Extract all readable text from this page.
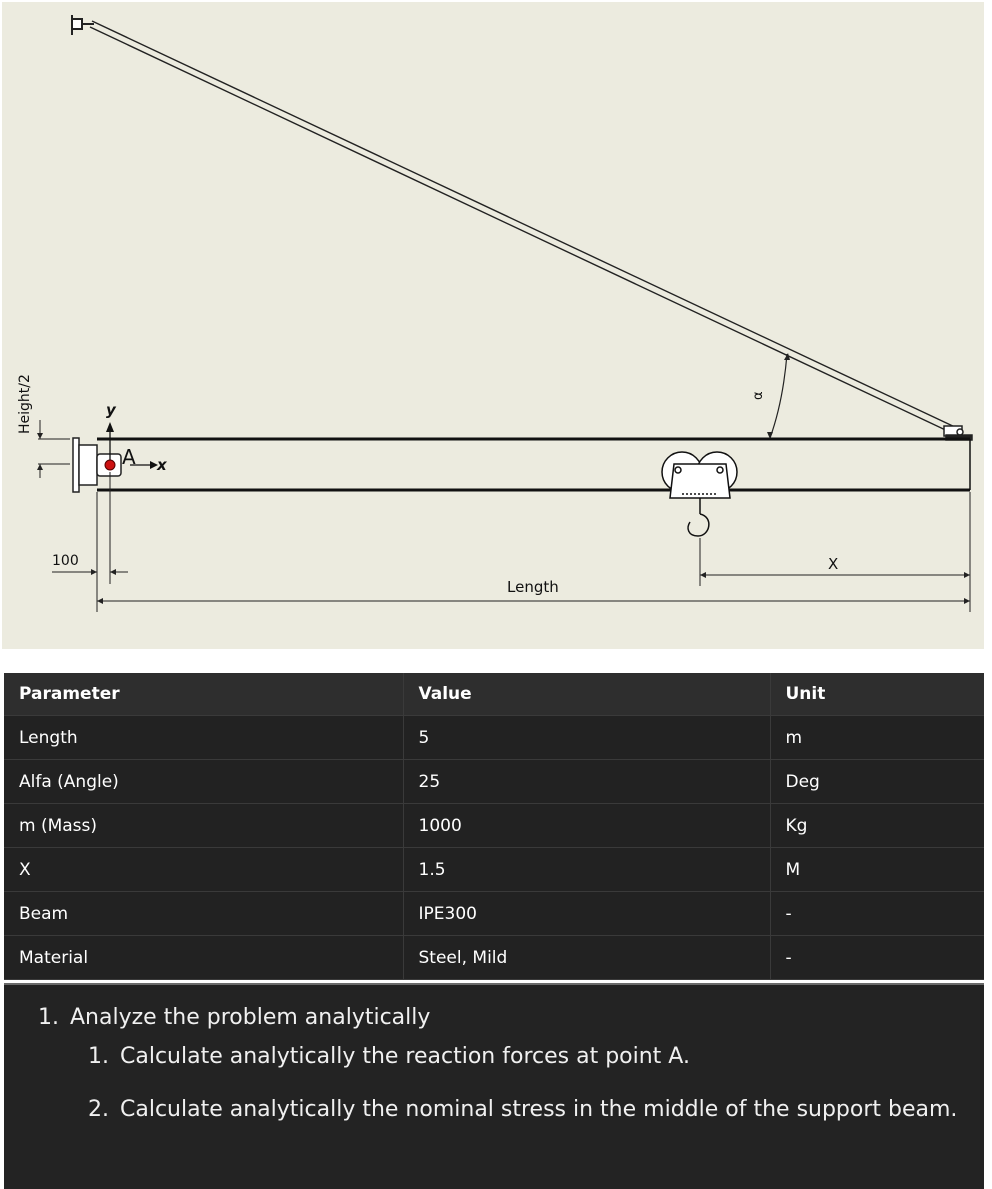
y
A x
Height/2	α
100	X
Length
Parameter	Value	Unit
Length	5	m
Alfa (Angle)	25	Deg
m (Mass)	1000	Kg
X	1.5	M
Beam	IPE300	-
Material	Steel, Mild	-
1. Analyze the problem analytically
1. Calculate analytically the reaction forces at point A.
2. Calculate analytically the nominal stress in the middle of the support beam.
